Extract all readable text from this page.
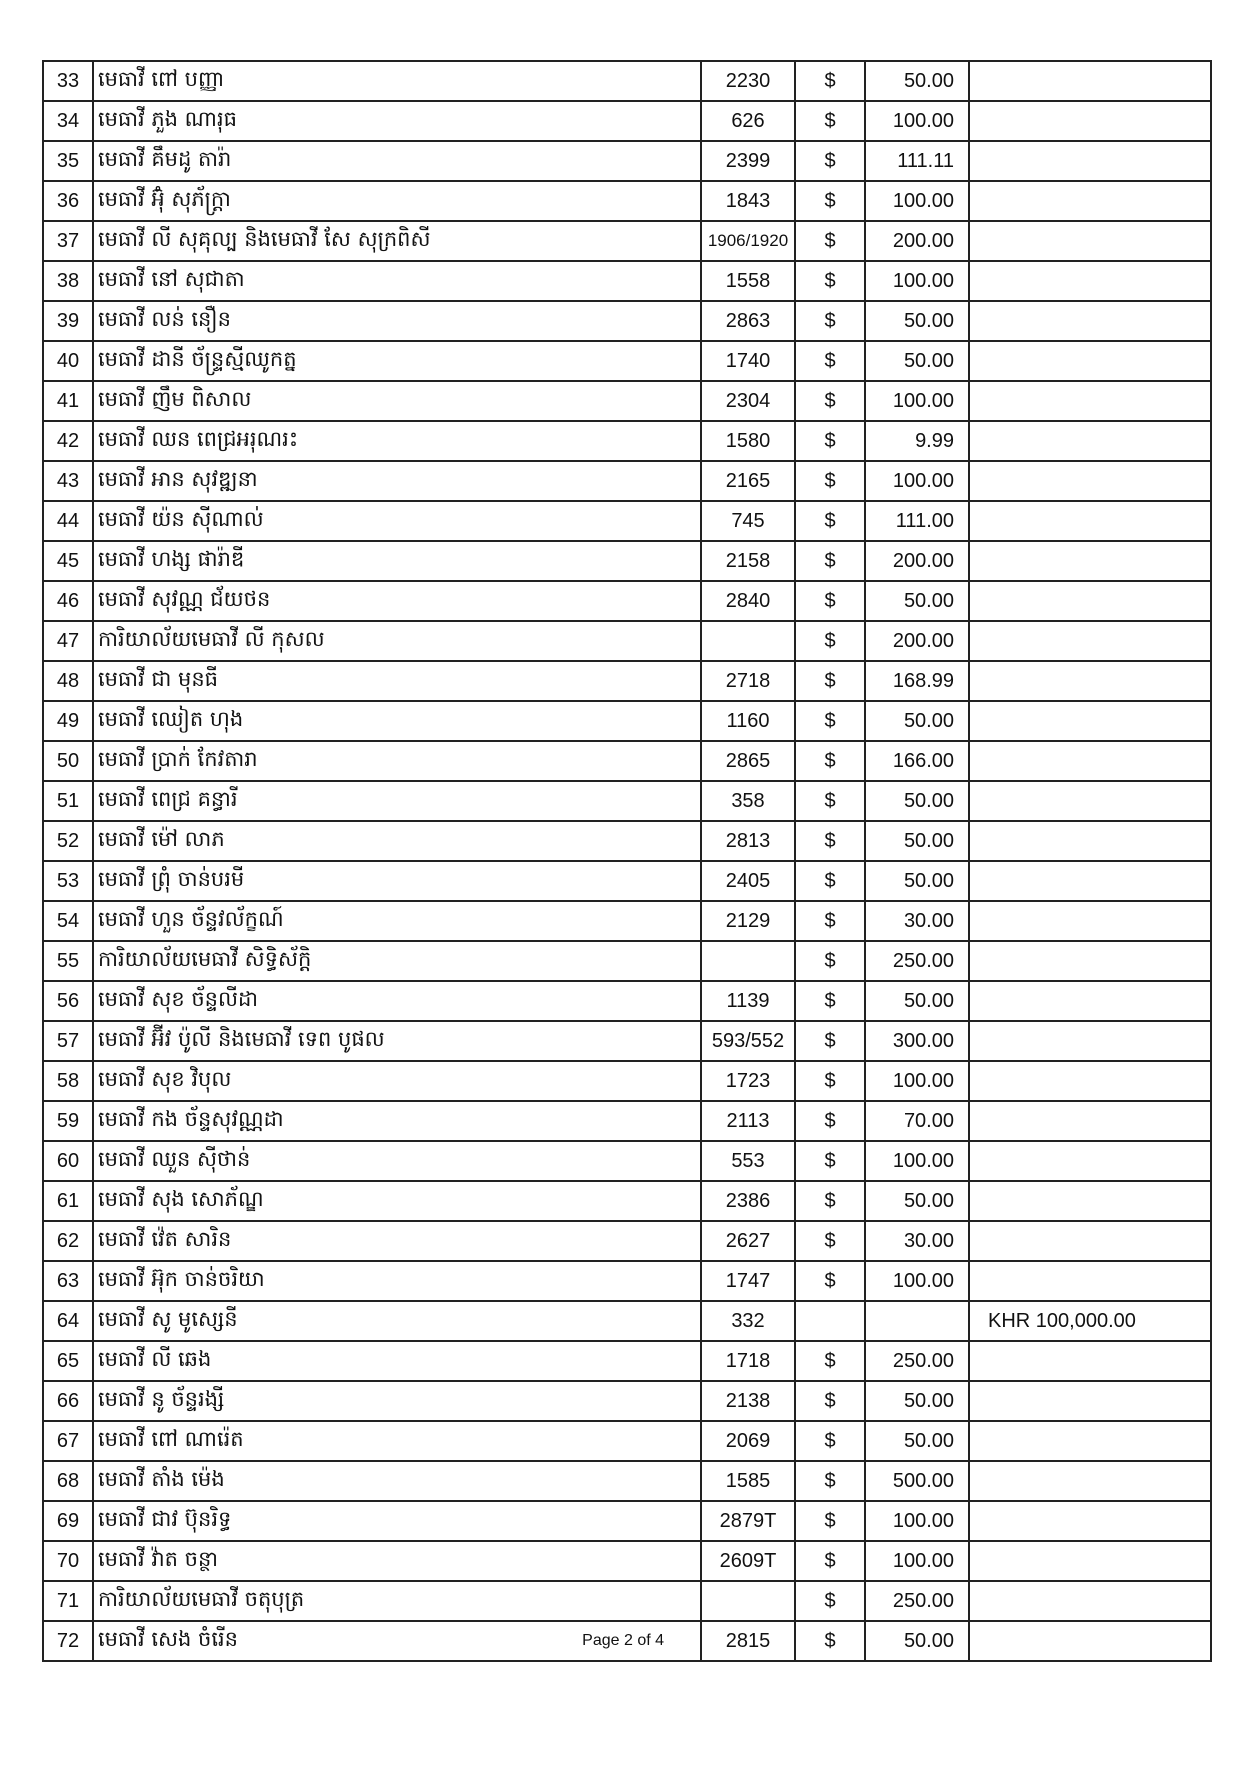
33	មេធាវី ពៅ បញ្ញា	2230	$	50.00	
34	មេធាវី ភួង ណារុធ	626	$	100.00	
35	មេធាវី គឹមដូ តារ៉ា	2399	$	111.11	
36	មេធាវី អ៊ុំ សុភ័ក្ត្រា	1843	$	100.00	
37	មេធាវី លី សុគុល្ប និងមេធាវី សែ សុក្រពិសី	1906/1920	$	200.00	
38	មេធាវី នៅ សុជាតា	1558	$	100.00	
39	មេធាវី លន់ នឿន	2863	$	50.00	
40	មេធាវី ដានី ច័ន្ទ្រស្មីឈូកត្ន	1740	$	50.00	
41	មេធាវី ញឹម ពិសាល	2304	$	100.00	
42	មេធាវី ឈន ពេជ្រអរុណរះ	1580	$	9.99	
43	មេធាវី អាន សុវឌ្ឍនា	2165	$	100.00	
44	មេធាវី យ៉ន ស៊ីណាល់	745	$	111.00	
45	មេធាវី ហង្ស ផារ៉ាឌី	2158	$	200.00	
46	មេធាវី សុវណ្ណ ជ័យថន	2840	$	50.00	
47	ការិយាល័យមេធាវី លី កុសល		$	200.00	
48	មេធាវី ជា មុនធី	2718	$	168.99	
49	មេធាវី ឈៀត ហុង	1160	$	50.00	
50	មេធាវី ប្រាក់ កែវតារា	2865	$	166.00	
51	មេធាវី ពេជ្រ គន្ធារី	358	$	50.00	
52	មេធាវី ម៉ៅ លាភ	2813	$	50.00	
53	មេធាវី ព្រុំ ចាន់បរមី	2405	$	50.00	
54	មេធាវី ហួន ច័ន្ទវល័ក្ខណ៍	2129	$	30.00	
55	ការិយាល័យមេធាវី សិទ្ធិស័ក្តិ		$	250.00	
56	មេធាវី សុខ ច័ន្ទលីដា	1139	$	50.00	
57	មេធាវី អ៊ីវ ប៉ូលី និងមេធាវី ទេព បូផល	593/552	$	300.00	
58	មេធាវី សុខ វិបុល	1723	$	100.00	
59	មេធាវី កង ច័ន្ទសុវណ្ណដា	2113	$	70.00	
60	មេធាវី ឈួន ស៊ីថាន់	553	$	100.00	
61	មេធាវី សុង សោភ័ណ្ឌ	2386	$	50.00	
62	មេធាវី វ៉េត សារិន	2627	$	30.00	
63	មេធាវី អ៊ុក ចាន់ចរិយា	1747	$	100.00	
64	មេធាវី សូ មូស្សេនី	332			KHR 100,000.00
65	មេធាវី លី ឆេង	1718	$	250.00	
66	មេធាវី នូ ច័ន្ទរង្សី	2138	$	50.00	
67	មេធាវី ពៅ ណារ៉េត	2069	$	50.00	
68	មេធាវី តាំង ម៉េង	1585	$	500.00	
69	មេធាវី ជាវ ប៊ុនរិទ្ធ	2879T	$	100.00	
70	មេធាវី វ៉ាត ចន្ថា	2609T	$	100.00	
71	ការិយាល័យមេធាវី ចតុបុត្រ		$	250.00	
72	មេធាវី សេង ចំរើន Page 2 of 4	2815	$	50.00	
